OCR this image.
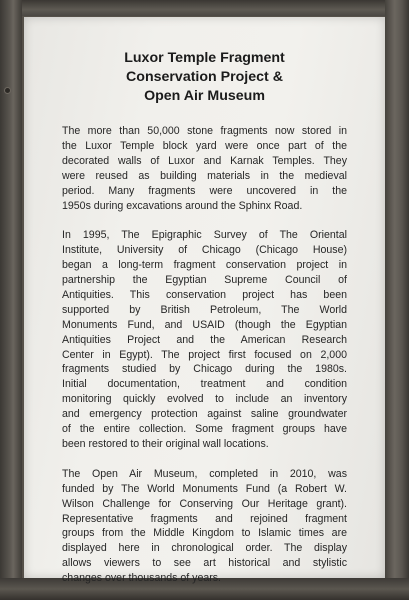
Luxor Temple Fragment
Conservation Project &
Open Air Museum

The more than 50,000 stone fragments now stored in
the Luxor Temple block yard were once part of the
decorated walls of Luxor and Karnak Temples. They
were reused as building materials in the medieval
period. Many fragments were uncovered in the
1950s during excavations around the Sphinx Road.

In 1995, The Epigraphic Survey of The Oriental
Institute, University of Chicago (Chicago House)
began a long-term fragment conservation project in
partnership the Egyptian Supreme Council of
Antiquities. This conservation project has been
supported by British Petroleum, The World
Monuments Fund, and USAID (though the Egyptian
Antiquities Project and the American Research
Center in Egypt). The project first focused on 2,000
fragments studied by Chicago during the 1980s.
Initial documentation, treatment and condition
monitoring quickly evolved to include an inventory
and emergency protection against saline groundwater
of the entire collection. Some fragment groups have
been restored to their original wall locations.

The Open Air Museum, completed in 2010, was
funded by The World Monuments Fund (a Robert W.
Wilson Challenge for Conserving Our Heritage grant).
Representative fragments and rejoined fragment
groups from the Middle Kingdom to Islamic times are
displayed here in chronological order. The display
allows viewers to see art historical and stylistic
changes over thousands of years.
